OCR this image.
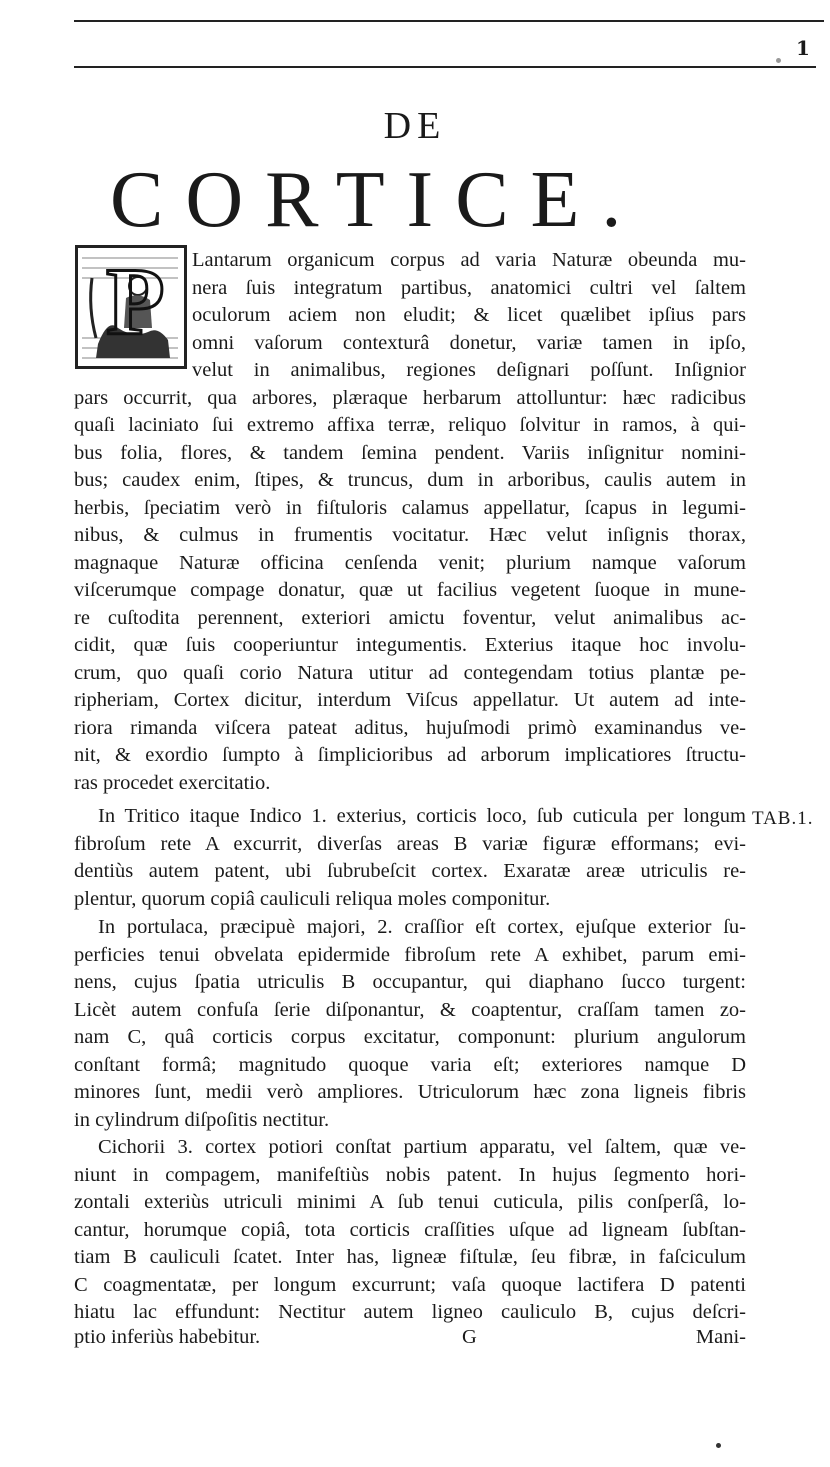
1
DE
CORTICE.
P	Lantarum organicum corpus ad varia Naturæ obeunda mu-
nera ſuis integratum partibus, anatomici cultri vel ſaltem
oculorum aciem non eludit; & licet quælibet ipſius pars
omni vaſorum contexturâ donetur, variæ tamen in ipſo,
velut in animalibus, regiones deſignari poſſunt. Inſignior
pars occurrit, qua arbores, plæraque herbarum attolluntur: hæc radicibus
quaſi laciniato ſui extremo affixa terræ, reliquo ſolvitur in ramos, à qui-
bus folia, flores, & tandem ſemina pendent. Variis inſignitur nomini-
bus; caudex enim, ſtipes, & truncus, dum in arboribus, caulis autem in
herbis, ſpeciatim verò in fiſtuloris calamus appellatur, ſcapus in legumi-
nibus, & culmus in frumentis vocitatur. Hæc velut inſignis thorax,
magnaque Naturæ officina cenſenda venit; plurium namque vaſorum
viſcerumque compage donatur, quæ ut facilius vegetent ſuoque in mune-
re cuſtodita perennent, exteriori amictu foventur, velut animalibus ac-
cidit, quæ ſuis cooperiuntur integumentis. Exterius itaque hoc involu-
crum, quo quaſi corio Natura utitur ad contegendam totius plantæ pe-
ripheriam, Cortex dicitur, interdum Viſcus appellatur. Ut autem ad inte-
riora rimanda viſcera pateat aditus, hujuſmodi primò examinandus ve-
nit, & exordio ſumpto à ſimplicioribus ad arborum implicatiores ſtructu-
ras procedet exercitatio.
In Tritico itaque Indico 1. exterius, corticis loco, ſub cuticula per longum
fibroſum rete A excurrit, diverſas areas B variæ figuræ efformans; evi-
dentiùs autem patent, ubi ſubrubeſcit cortex. Exaratæ areæ utriculis re-
plentur, quorum copiâ cauliculi reliqua moles componitur.
In portulaca, præcipuè majori, 2. craſſior eſt cortex, ejuſque exterior ſu-
perficies tenui obvelata epidermide fibroſum rete A exhibet, parum emi-
nens, cujus ſpatia utriculis B occupantur, qui diaphano ſucco turgent:
Licèt autem confuſa ſerie diſponantur, & coaptentur, craſſam tamen zo-
nam C, quâ corticis corpus excitatur, componunt: plurium angulorum
conſtant formâ; magnitudo quoque varia eſt; exteriores namque D
minores ſunt, medii verò ampliores. Utriculorum hæc zona ligneis fibris
in cylindrum diſpoſitis nectitur.
Cichorii 3. cortex potiori conſtat partium apparatu, vel ſaltem, quæ ve-
niunt in compagem, manifeſtiùs nobis patent. In hujus ſegmento hori-
zontali exteriùs utriculi minimi A ſub tenui cuticula, pilis conſperſâ, lo-
cantur, horumque copiâ, tota corticis craſſities uſque ad ligneam ſubſtan-
tiam B cauliculi ſcatet. Inter has, ligneæ fiſtulæ, ſeu fibræ, in faſciculum
C coagmentatæ, per longum excurrunt; vaſa quoque lactifera D patenti
hiatu lac effundunt: Nectitur autem ligneo cauliculo B, cujus deſcri-
TAB.1.
ptio inferiùs habebitur.	G	Mani-
